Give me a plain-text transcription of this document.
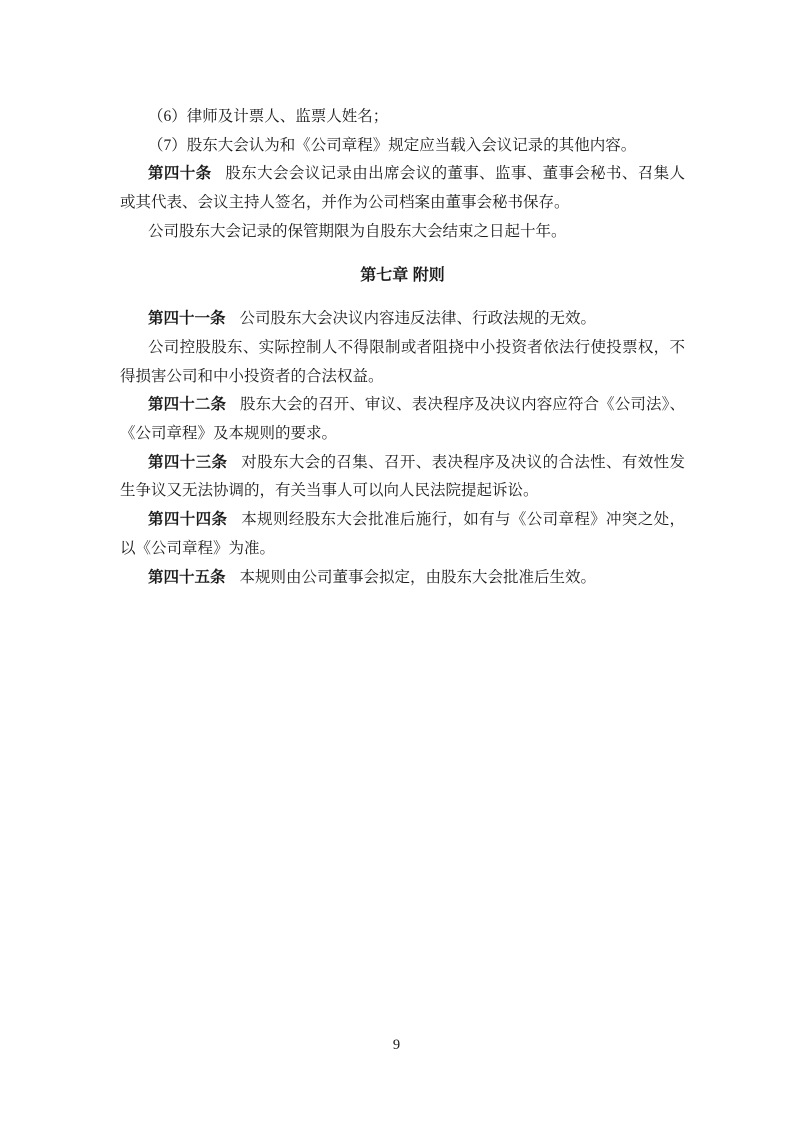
（6）律师及计票人、监票人姓名；

（7）股东大会认为和《公司章程》规定应当载入会议记录的其他内容。

第四十条 股东大会会议记录由出席会议的董事、监事、董事会秘书、召集人或其代表、会议主持人签名，并作为公司档案由董事会秘书保存。

公司股东大会记录的保管期限为自股东大会结束之日起十年。

第七章 附则

第四十一条 公司股东大会决议内容违反法律、行政法规的无效。

公司控股股东、实际控制人不得限制或者阻挠中小投资者依法行使投票权，不得损害公司和中小投资者的合法权益。

第四十二条 股东大会的召开、审议、表决程序及决议内容应符合《公司法》、《公司章程》及本规则的要求。

第四十三条 对股东大会的召集、召开、表决程序及决议的合法性、有效性发生争议又无法协调的，有关当事人可以向人民法院提起诉讼。

第四十四条 本规则经股东大会批准后施行，如有与《公司章程》冲突之处，以《公司章程》为准。

第四十五条 本规则由公司董事会拟定，由股东大会批准后生效。

9
